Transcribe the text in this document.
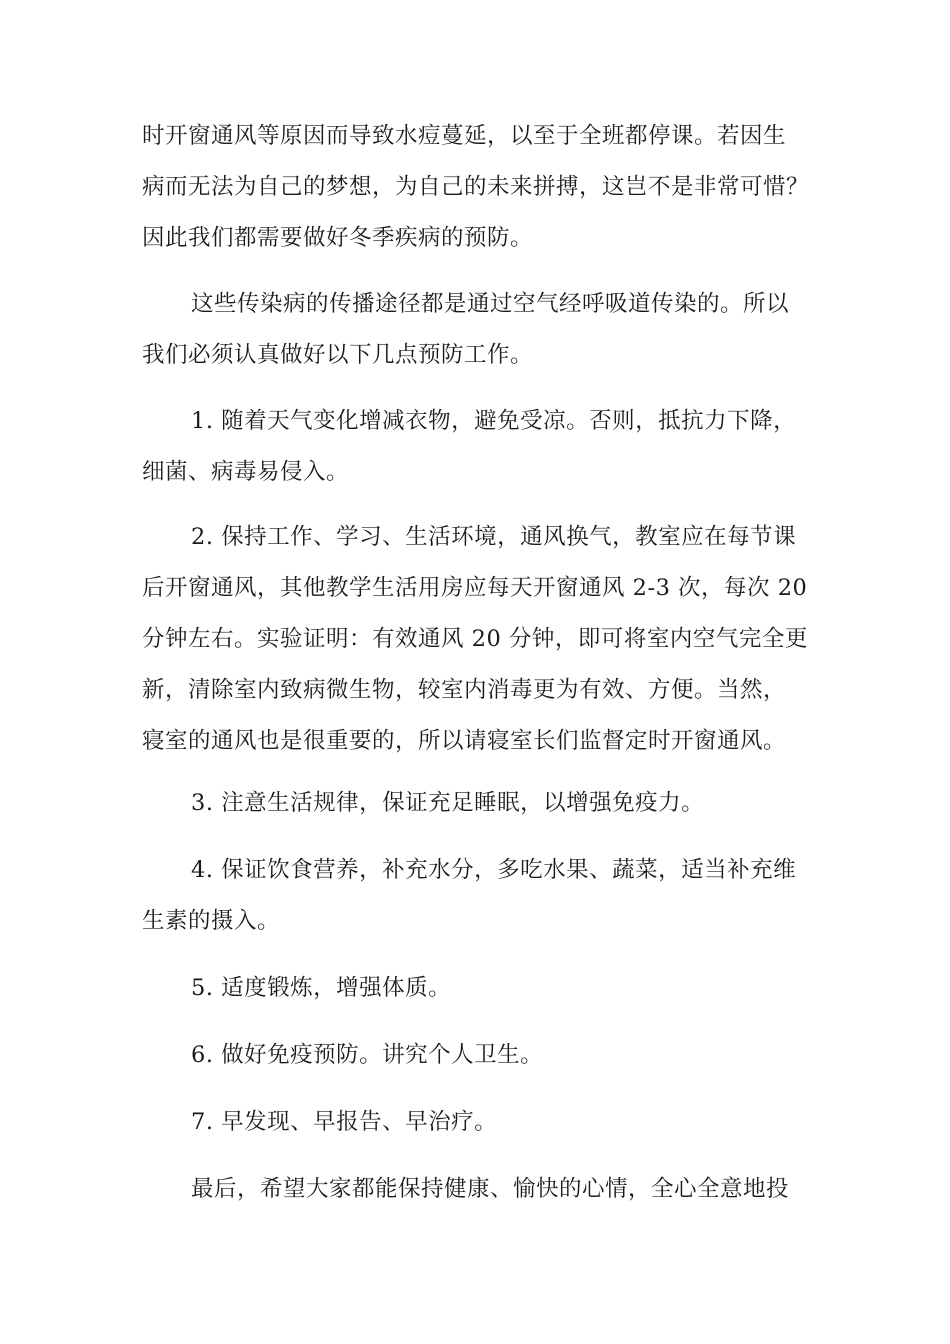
时开窗通风等原因而导致水痘蔓延，以至于全班都停课。若因生
病而无法为自己的梦想，为自己的未来拼搏，这岂不是非常可惜？
因此我们都需要做好冬季疾病的预防。
这些传染病的传播途径都是通过空气经呼吸道传染的。所以
我们必须认真做好以下几点预防工作。
1. 随着天气变化增减衣物，避免受凉。否则，抵抗力下降，
细菌、病毒易侵入。
2. 保持工作、学习、生活环境，通风换气，教室应在每节课
后开窗通风，其他教学生活用房应每天开窗通风 2-3 次，每次 20
分钟左右。实验证明：有效通风 20 分钟，即可将室内空气完全更
新，清除室内致病微生物，较室内消毒更为有效、方便。当然，
寝室的通风也是很重要的，所以请寝室长们监督定时开窗通风。
3. 注意生活规律，保证充足睡眠，以增强免疫力。
4. 保证饮食营养，补充水分，多吃水果、蔬菜，适当补充维
生素的摄入。
5. 适度锻炼，增强体质。
6. 做好免疫预防。讲究个人卫生。
7. 早发现、早报告、早治疗。
最后，希望大家都能保持健康、愉快的心情，全心全意地投
